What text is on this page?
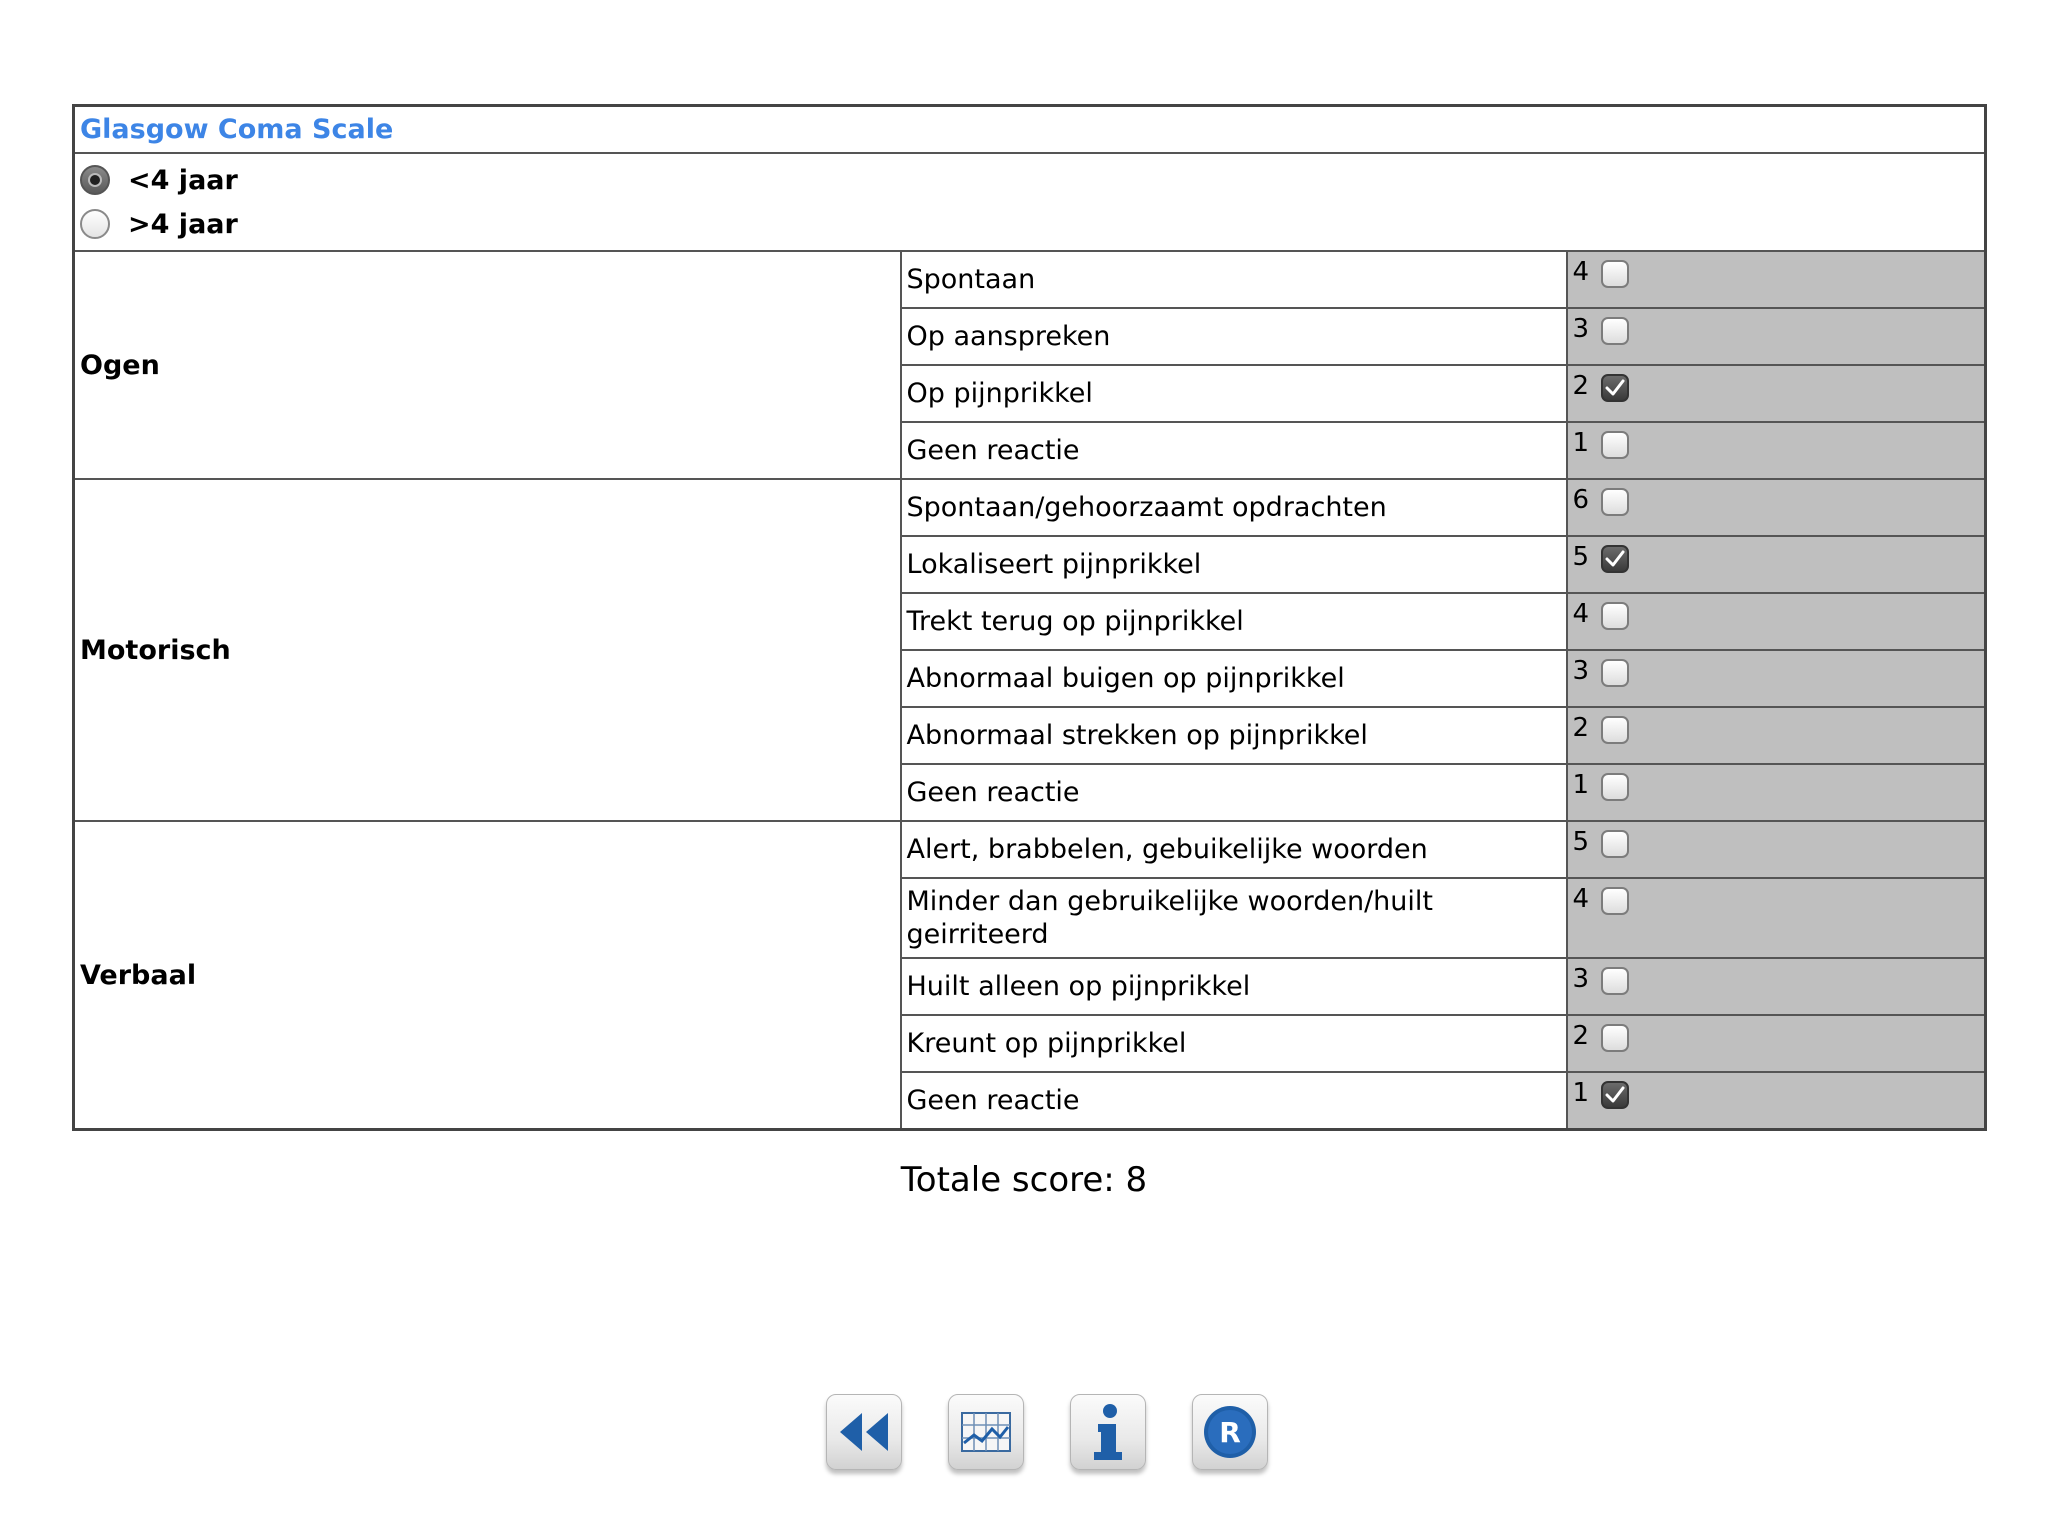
Glasgow Coma Scale		

<4 jaar
>4 jaar		

Ogen	Spontaan	4

	Op aanspreken	3

	Op pijnprikkel	2

	Geen reactie	1

Motorisch	Spontaan/gehoorzaamt opdrachten	6

	Lokaliseert pijnprikkel	5

	Trekt terug op pijnprikkel	4

	Abnormaal buigen op pijnprikkel	3

	Abnormaal strekken op pijnprikkel	2

	Geen reactie	1

Verbaal	Alert, brabbelen, gebuikelijke woorden	5

	Minder dan gebruikelijke woorden/huilt geirriteerd	4

	Huilt alleen op pijnprikkel	3

	Kreunt op pijnprikkel	2

	Geen reactie	1
Totale score: 8
R
